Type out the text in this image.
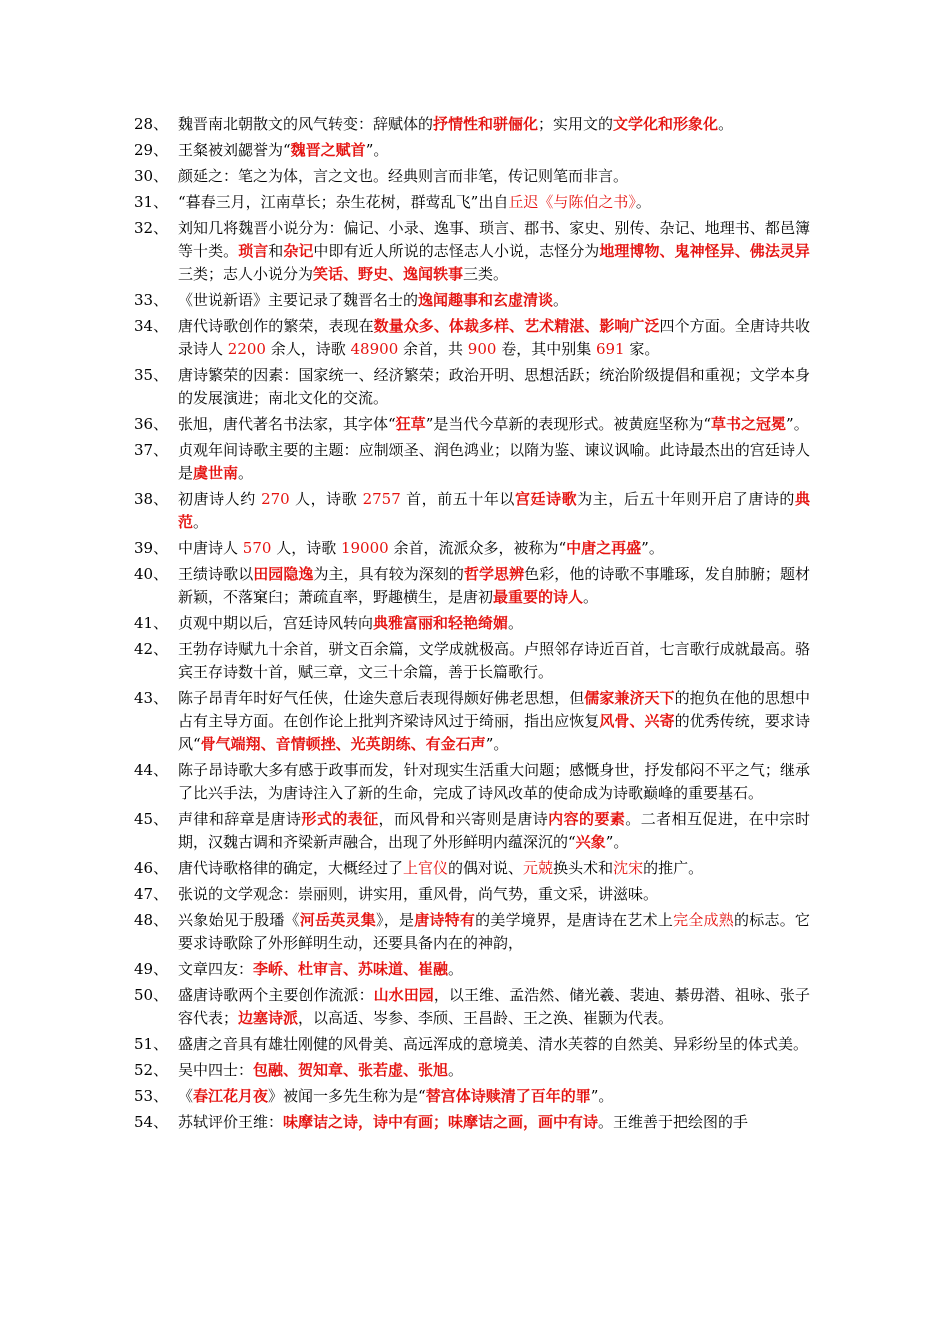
28、 魏晋南北朝散文的风气转变：辞赋体的抒情性和骈俪化；实用文的文学化和形象化。
29、 王粲被刘勰誉为“魏晋之赋首”。
30、 颜延之：笔之为体，言之文也。经典则言而非笔，传记则笔而非言。
31、 “暮春三月，江南草长；杂生花树，群莺乱飞”出自丘迟《与陈伯之书》。
32、 刘知几将魏晋小说分为：偏记、小录、逸事、琐言、郡书、家史、别传、杂记、地理书、都邑簿等十类。琐言和杂记中即有近人所说的志怪志人小说，志怪分为地理博物、鬼神怪异、佛法灵异三类；志人小说分为笑话、野史、逸闻轶事三类。
33、 《世说新语》主要记录了魏晋名士的逸闻趣事和玄虚清谈。
34、 唐代诗歌创作的繁荣，表现在数量众多、体裁多样、艺术精湛、影响广泛四个方面。全唐诗共收录诗人 2200 余人，诗歌 48900 余首，共 900 卷，其中别集 691 家。
35、 唐诗繁荣的因素：国家统一、经济繁荣；政治开明、思想活跃；统治阶级提倡和重视；文学本身的发展演进；南北文化的交流。
36、 张旭，唐代著名书法家，其字体“狂草”是当代今草新的表现形式。被黄庭坚称为“草书之冠冕”。
37、 贞观年间诗歌主要的主题：应制颂圣、润色鸿业；以隋为鉴、谏议讽喻。此诗最杰出的宫廷诗人是虞世南。
38、 初唐诗人约 270 人，诗歌 2757 首，前五十年以宫廷诗歌为主，后五十年则开启了唐诗的典范。
39、 中唐诗人 570 人，诗歌 19000 余首，流派众多，被称为“中唐之再盛”。
40、 王绩诗歌以田园隐逸为主，具有较为深刻的哲学思辨色彩，他的诗歌不事雕琢，发自肺腑；题材新颖，不落窠臼；萧疏直率，野趣横生，是唐初最重要的诗人。
41、 贞观中期以后，宫廷诗风转向典雅富丽和轻艳绮媚。
42、 王勃存诗赋九十余首，骈文百余篇，文学成就极高。卢照邻存诗近百首，七言歌行成就最高。骆宾王存诗数十首，赋三章，文三十余篇，善于长篇歌行。
43、 陈子昂青年时好气任侠，仕途失意后表现得颇好佛老思想，但儒家兼济天下的抱负在他的思想中占有主导方面。在创作论上批判齐梁诗风过于绮丽，指出应恢复风骨、兴寄的优秀传统，要求诗风“骨气端翔、音情顿挫、光英朗练、有金石声”。
44、 陈子昂诗歌大多有感于政事而发，针对现实生活重大问题；感慨身世，抒发郁闷不平之气；继承了比兴手法，为唐诗注入了新的生命，完成了诗风改革的使命成为诗歌巅峰的重要基石。
45、 声律和辞章是唐诗形式的表征，而风骨和兴寄则是唐诗内容的要素。二者相互促进，在中宗时期，汉魏古调和齐梁新声融合，出现了外形鲜明内蕴深沉的“兴象”。
46、 唐代诗歌格律的确定，大概经过了上官仪的偶对说、元兢换头术和沈宋的推广。
47、 张说的文学观念：崇丽则，讲实用，重风骨，尚气势，重文采，讲滋味。
48、 兴象始见于殷璠《河岳英灵集》，是唐诗特有的美学境界，是唐诗在艺术上完全成熟的标志。它要求诗歌除了外形鲜明生动，还要具备内在的神韵，
49、 文章四友：李峤、杜审言、苏味道、崔融。
50、 盛唐诗歌两个主要创作流派：山水田园，以王维、孟浩然、储光羲、裴迪、綦毋潜、祖咏、张子容代表；边塞诗派，以高适、岑参、李颀、王昌龄、王之涣、崔颢为代表。
51、 盛唐之音具有雄壮刚健的风骨美、高远浑成的意境美、清水芙蓉的自然美、异彩纷呈的体式美。
52、 吴中四士：包融、贺知章、张若虚、张旭。
53、 《春江花月夜》被闻一多先生称为是“替宫体诗赎清了百年的罪”。
54、 苏轼评价王维：味摩诘之诗，诗中有画；味摩诘之画，画中有诗。王维善于把绘图的手
